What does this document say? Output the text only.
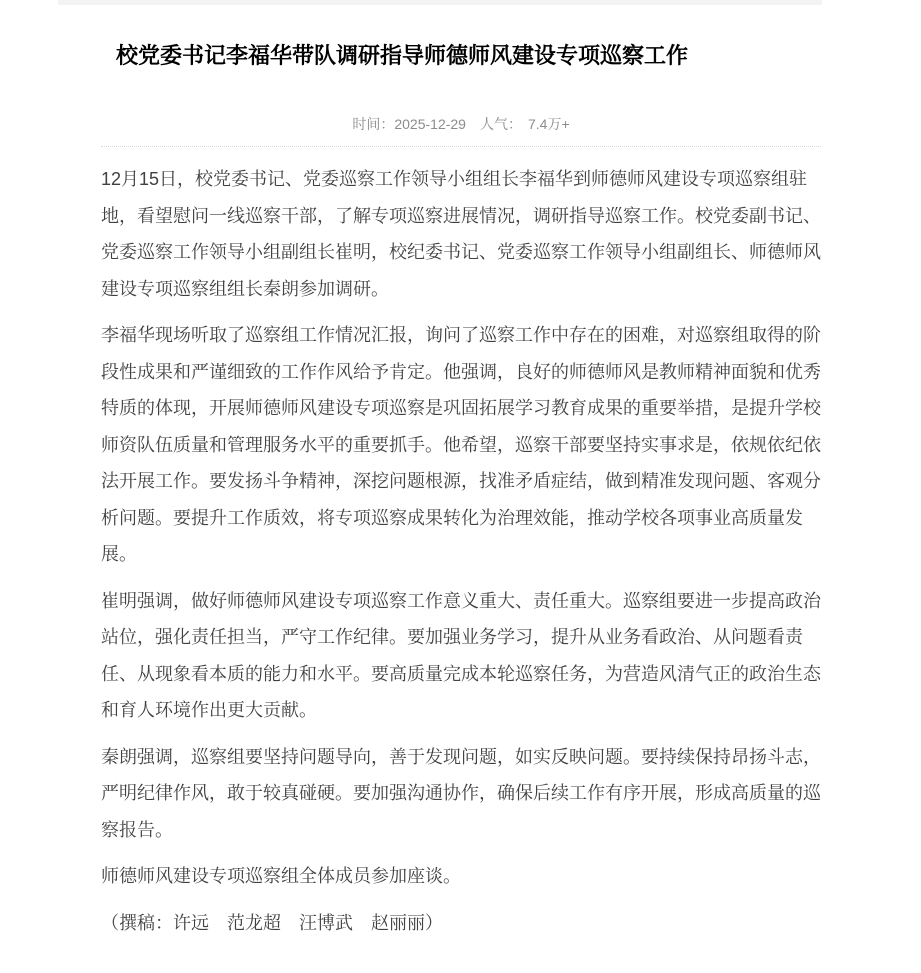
校党委书记李福华带队调研指导师德师风建设专项巡察工作
时间：2025-12-29 人气： 7.4万+

12月15日，校党委书记、党委巡察工作领导小组组长李福华到师德师风建设专项巡察组驻地，看望慰问一线巡察干部，了解专项巡察进展情况，调研指导巡察工作。校党委副书记、党委巡察工作领导小组副组长崔明，校纪委书记、党委巡察工作领导小组副组长、师德师风建设专项巡察组组长秦朗参加调研。

李福华现场听取了巡察组工作情况汇报，询问了巡察工作中存在的困难，对巡察组取得的阶段性成果和严谨细致的工作作风给予肯定。他强调，良好的师德师风是教师精神面貌和优秀特质的体现，开展师德师风建设专项巡察是巩固拓展学习教育成果的重要举措，是提升学校师资队伍质量和管理服务水平的重要抓手。他希望，巡察干部要坚持实事求是，依规依纪依法开展工作。要发扬斗争精神，深挖问题根源，找准矛盾症结，做到精准发现问题、客观分析问题。要提升工作质效，将专项巡察成果转化为治理效能，推动学校各项事业高质量发展。

崔明强调，做好师德师风建设专项巡察工作意义重大、责任重大。巡察组要进一步提高政治站位，强化责任担当，严守工作纪律。要加强业务学习，提升从业务看政治、从问题看责任、从现象看本质的能力和水平。要高质量完成本轮巡察任务，为营造风清气正的政治生态和育人环境作出更大贡献。

秦朗强调，巡察组要坚持问题导向，善于发现问题，如实反映问题。要持续保持昂扬斗志，严明纪律作风，敢于较真碰硬。要加强沟通协作，确保后续工作有序开展，形成高质量的巡察报告。

师德师风建设专项巡察组全体成员参加座谈。

（撰稿：许远　范龙超　汪博武　赵丽丽）
